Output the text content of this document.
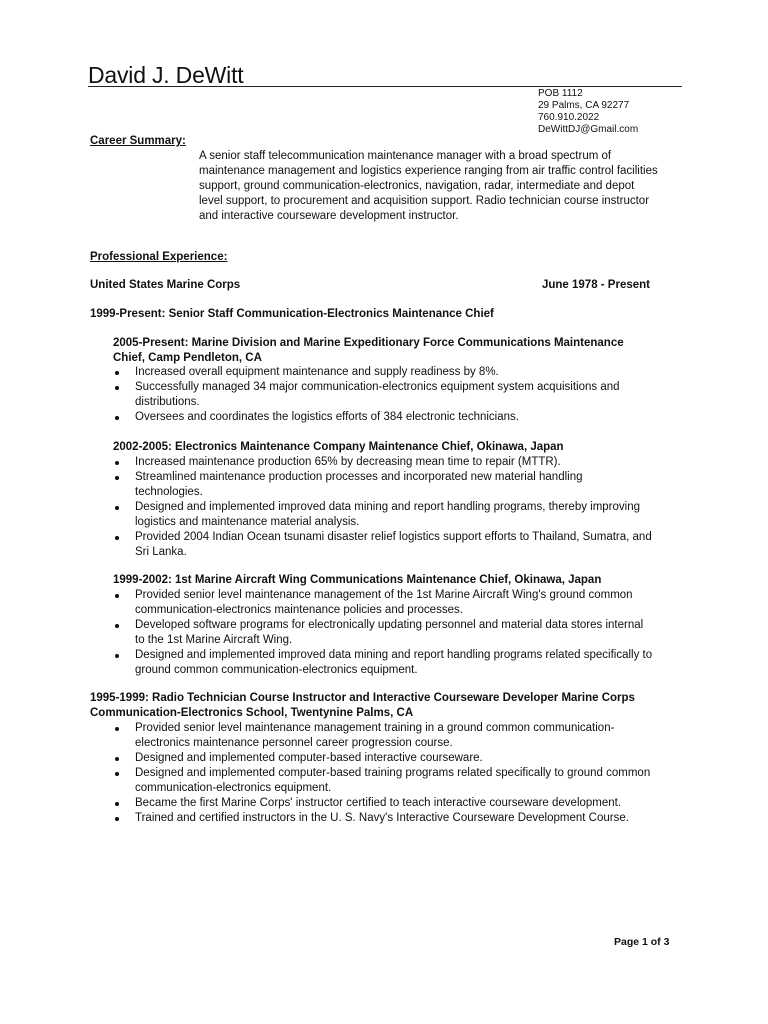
David J. DeWitt
POB 1112
29 Palms, CA 92277
760.910.2022
DeWittDJ@Gmail.com
Career Summary:
A senior staff telecommunication maintenance manager with a broad spectrum of maintenance management and logistics experience ranging from air traffic control facilities support, ground communication-electronics, navigation, radar, intermediate and depot level support, to procurement and acquisition support. Radio technician course instructor and interactive courseware development instructor.
Professional Experience:
United States Marine Corps	June 1978 - Present
1999-Present: Senior Staff Communication-Electronics Maintenance Chief
2005-Present: Marine Division and Marine Expeditionary Force Communications Maintenance Chief, Camp Pendleton, CA
Increased overall equipment maintenance and supply readiness by 8%.
Successfully managed 34 major communication-electronics equipment system acquisitions and distributions.
Oversees and coordinates the logistics efforts of 384 electronic technicians.
2002-2005: Electronics Maintenance Company Maintenance Chief, Okinawa, Japan
Increased maintenance production 65% by decreasing mean time to repair (MTTR).
Streamlined maintenance production processes and incorporated new material handling technologies.
Designed and implemented improved data mining and report handling programs, thereby improving logistics and maintenance material analysis.
Provided 2004 Indian Ocean tsunami disaster relief logistics support efforts to Thailand, Sumatra, and Sri Lanka.
1999-2002: 1st Marine Aircraft Wing Communications Maintenance Chief, Okinawa, Japan
Provided senior level maintenance management of the 1st Marine Aircraft Wing's ground common communication-electronics maintenance policies and processes.
Developed software programs for electronically updating personnel and material data stores internal to the 1st Marine Aircraft Wing.
Designed and implemented improved data mining and report handling programs related specifically to ground common communication-electronics equipment.
1995-1999: Radio Technician Course Instructor and Interactive Courseware Developer Marine Corps Communication-Electronics School, Twentynine Palms, CA
Provided senior level maintenance management training in a ground common communication-electronics maintenance personnel career progression course.
Designed and implemented computer-based interactive courseware.
Designed and implemented computer-based training programs related specifically to ground common communication-electronics equipment.
Became the first Marine Corps' instructor certified to teach interactive courseware development.
Trained and certified instructors in the U. S. Navy's Interactive Courseware Development Course.
Page 1 of 3
